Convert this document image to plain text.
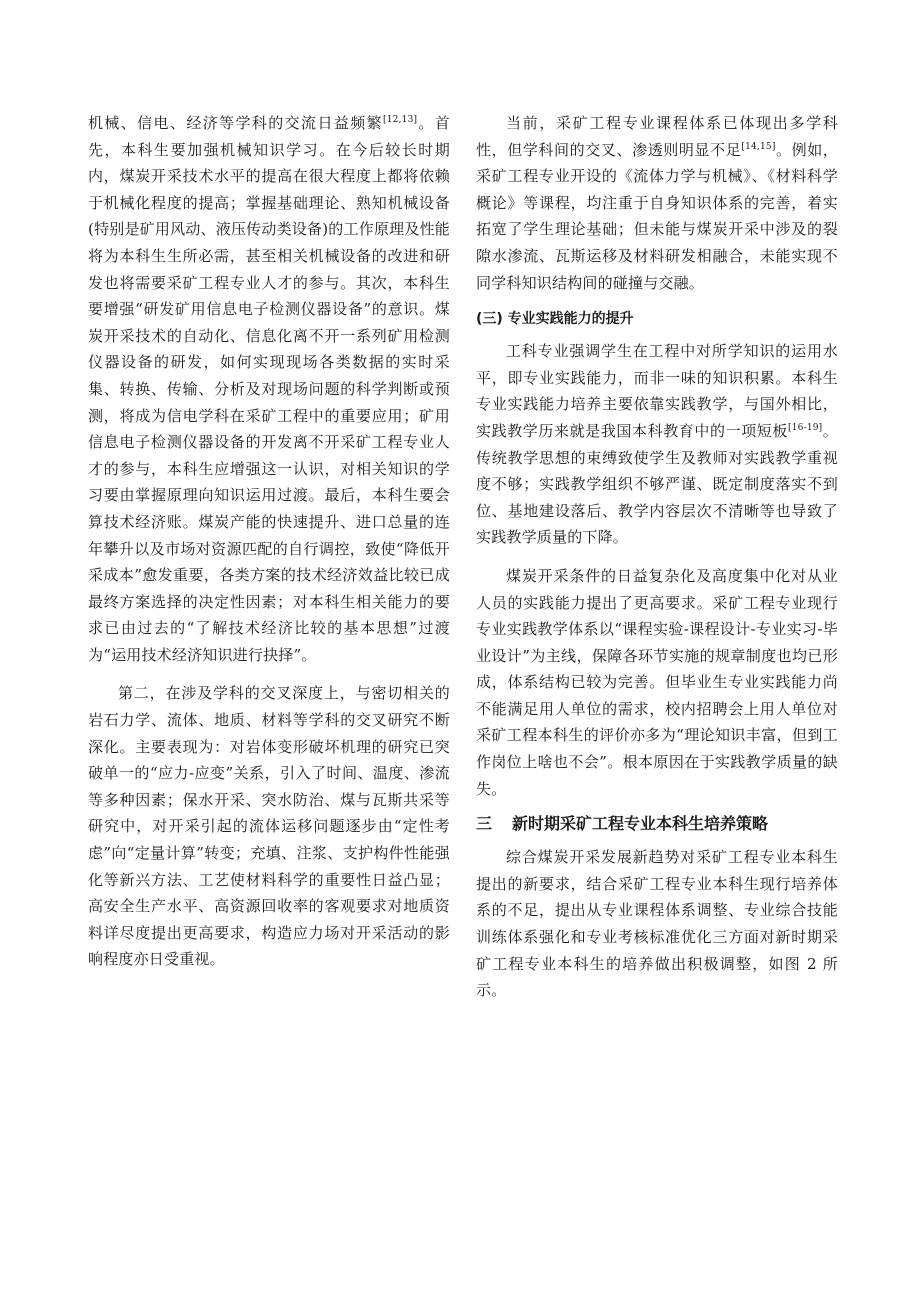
机械、信电、经济等学科的交流日益频繁[12,13]。首先，本科生要加强机械知识学习。在今后较长时期内，煤炭开采技术水平的提高在很大程度上都将依赖于机械化程度的提高；掌握基础理论、熟知机械设备(特别是矿用风动、液压传动类设备)的工作原理及性能将为本科生生所必需，甚至相关机械设备的改进和研发也将需要采矿工程专业人才的参与。其次，本科生要增强“研发矿用信息电子检测仪器设备”的意识。煤炭开采技术的自动化、信息化离不开一系列矿用检测仪器设备的研发，如何实现现场各类数据的实时采集、转换、传输、分析及对现场问题的科学判断或预测，将成为信电学科在采矿工程中的重要应用；矿用信息电子检测仪器设备的开发离不开采矿工程专业人才的参与，本科生应增强这一认识，对相关知识的学习要由掌握原理向知识运用过渡。最后，本科生要会算技术经济账。煤炭产能的快速提升、进口总量的连年攀升以及市场对资源匹配的自行调控，致使“降低开采成本”愈发重要，各类方案的技术经济效益比较已成最终方案选择的决定性因素；对本科生相关能力的要求已由过去的“了解技术经济比较的基本思想”过渡为“运用技术经济知识进行抉择”。

第二，在涉及学科的交叉深度上，与密切相关的岩石力学、流体、地质、材料等学科的交叉研究不断深化。主要表现为：对岩体变形破坏机理的研究已突破单一的“应力-应变”关系，引入了时间、温度、渗流等多种因素；保水开采、突水防治、煤与瓦斯共采等研究中，对开采引起的流体运移问题逐步由“定性考虑”向“定量计算”转变；充填、注浆、支护构件性能强化等新兴方法、工艺使材料科学的重要性日益凸显；高安全生产水平、高资源回收率的客观要求对地质资料详尽度提出更高要求，构造应力场对开采活动的影响程度亦日受重视。

当前，采矿工程专业课程体系已体现出多学科性，但学科间的交叉、渗透则明显不足[14,15]。例如，采矿工程专业开设的《流体力学与机械》、《材料科学概论》等课程，均注重于自身知识体系的完善，着实拓宽了学生理论基础；但未能与煤炭开采中涉及的裂隙水渗流、瓦斯运移及材料研发相融合，未能实现不同学科知识结构间的碰撞与交融。

(三) 专业实践能力的提升

工科专业强调学生在工程中对所学知识的运用水平，即专业实践能力，而非一味的知识积累。本科生专业实践能力培养主要依靠实践教学，与国外相比，实践教学历来就是我国本科教育中的一项短板[16-19]。传统教学思想的束缚致使学生及教师对实践教学重视度不够；实践教学组织不够严谨、既定制度落实不到位、基地建设落后、教学内容层次不清晰等也导致了实践教学质量的下降。

煤炭开采条件的日益复杂化及高度集中化对从业人员的实践能力提出了更高要求。采矿工程专业现行专业实践教学体系以“课程实验-课程设计-专业实习-毕业设计”为主线，保障各环节实施的规章制度也均已形成，体系结构已较为完善。但毕业生专业实践能力尚不能满足用人单位的需求，校内招聘会上用人单位对采矿工程本科生的评价亦多为“理论知识丰富，但到工作岗位上啥也不会”。根本原因在于实践教学质量的缺失。

三 新时期采矿工程专业本科生培养策略

综合煤炭开采发展新趋势对采矿工程专业本科生提出的新要求，结合采矿工程专业本科生现行培养体系的不足，提出从专业课程体系调整、专业综合技能训练体系强化和专业考核标准优化三方面对新时期采矿工程专业本科生的培养做出积极调整，如图 2 所示。
